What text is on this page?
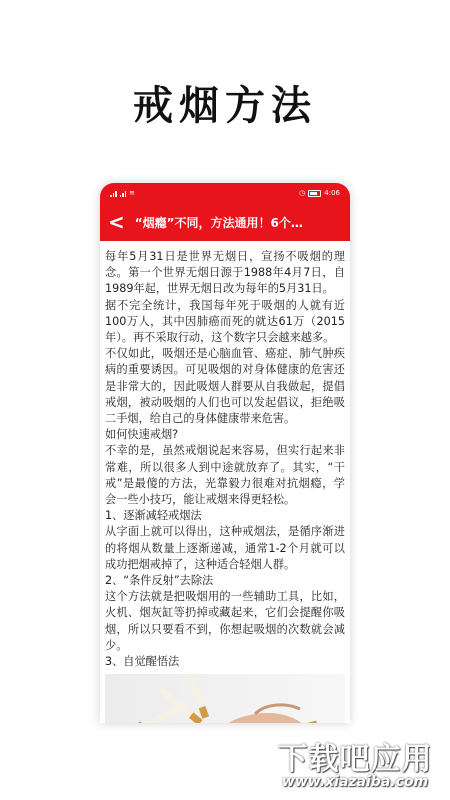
戒烟方法
≋	◷	4:06
< “烟瘾”不同，方法通用！6个…

每年5月31日是世界无烟日，宣扬不吸烟的理念。第一个世界无烟日源于1988年4月7日，自1989年起，世界无烟日改为每年的5月31日。

据不完全统计，我国每年死于吸烟的人就有近100万人，其中因肺癌而死的就达61万（2015年）。再不采取行动，这个数字只会越来越多。

不仅如此，吸烟还是心脑血管、癌症、肺气肿疾病的重要诱因。可见吸烟的对身体健康的危害还是非常大的，因此吸烟人群要从自我做起，提倡戒烟，被动吸烟的人们也可以发起倡议，拒绝吸二手烟，给自己的身体健康带来危害。

如何快速戒烟?

不幸的是，虽然戒烟说起来容易，但实行起来非常难，所以很多人到中途就放弃了。其实，“干戒”是最傻的方法，光靠毅力很难对抗烟瘾，学会一些小技巧，能让戒烟来得更轻松。

1、逐渐减轻戒烟法

从字面上就可以得出，这种戒烟法，是循序渐进的将烟从数量上逐渐递减，通常1-2个月就可以成功把烟戒掉了，这种适合轻烟人群。

2、“条件反射”去除法

这个方法就是把吸烟用的一些辅助工具，比如，火机、烟灰缸等扔掉或藏起来，它们会提醒你吸烟，所以只要看不到，你想起吸烟的次数就会减少。

3、自觉醒悟法

下载吧应用
www.xiazaiba.com
